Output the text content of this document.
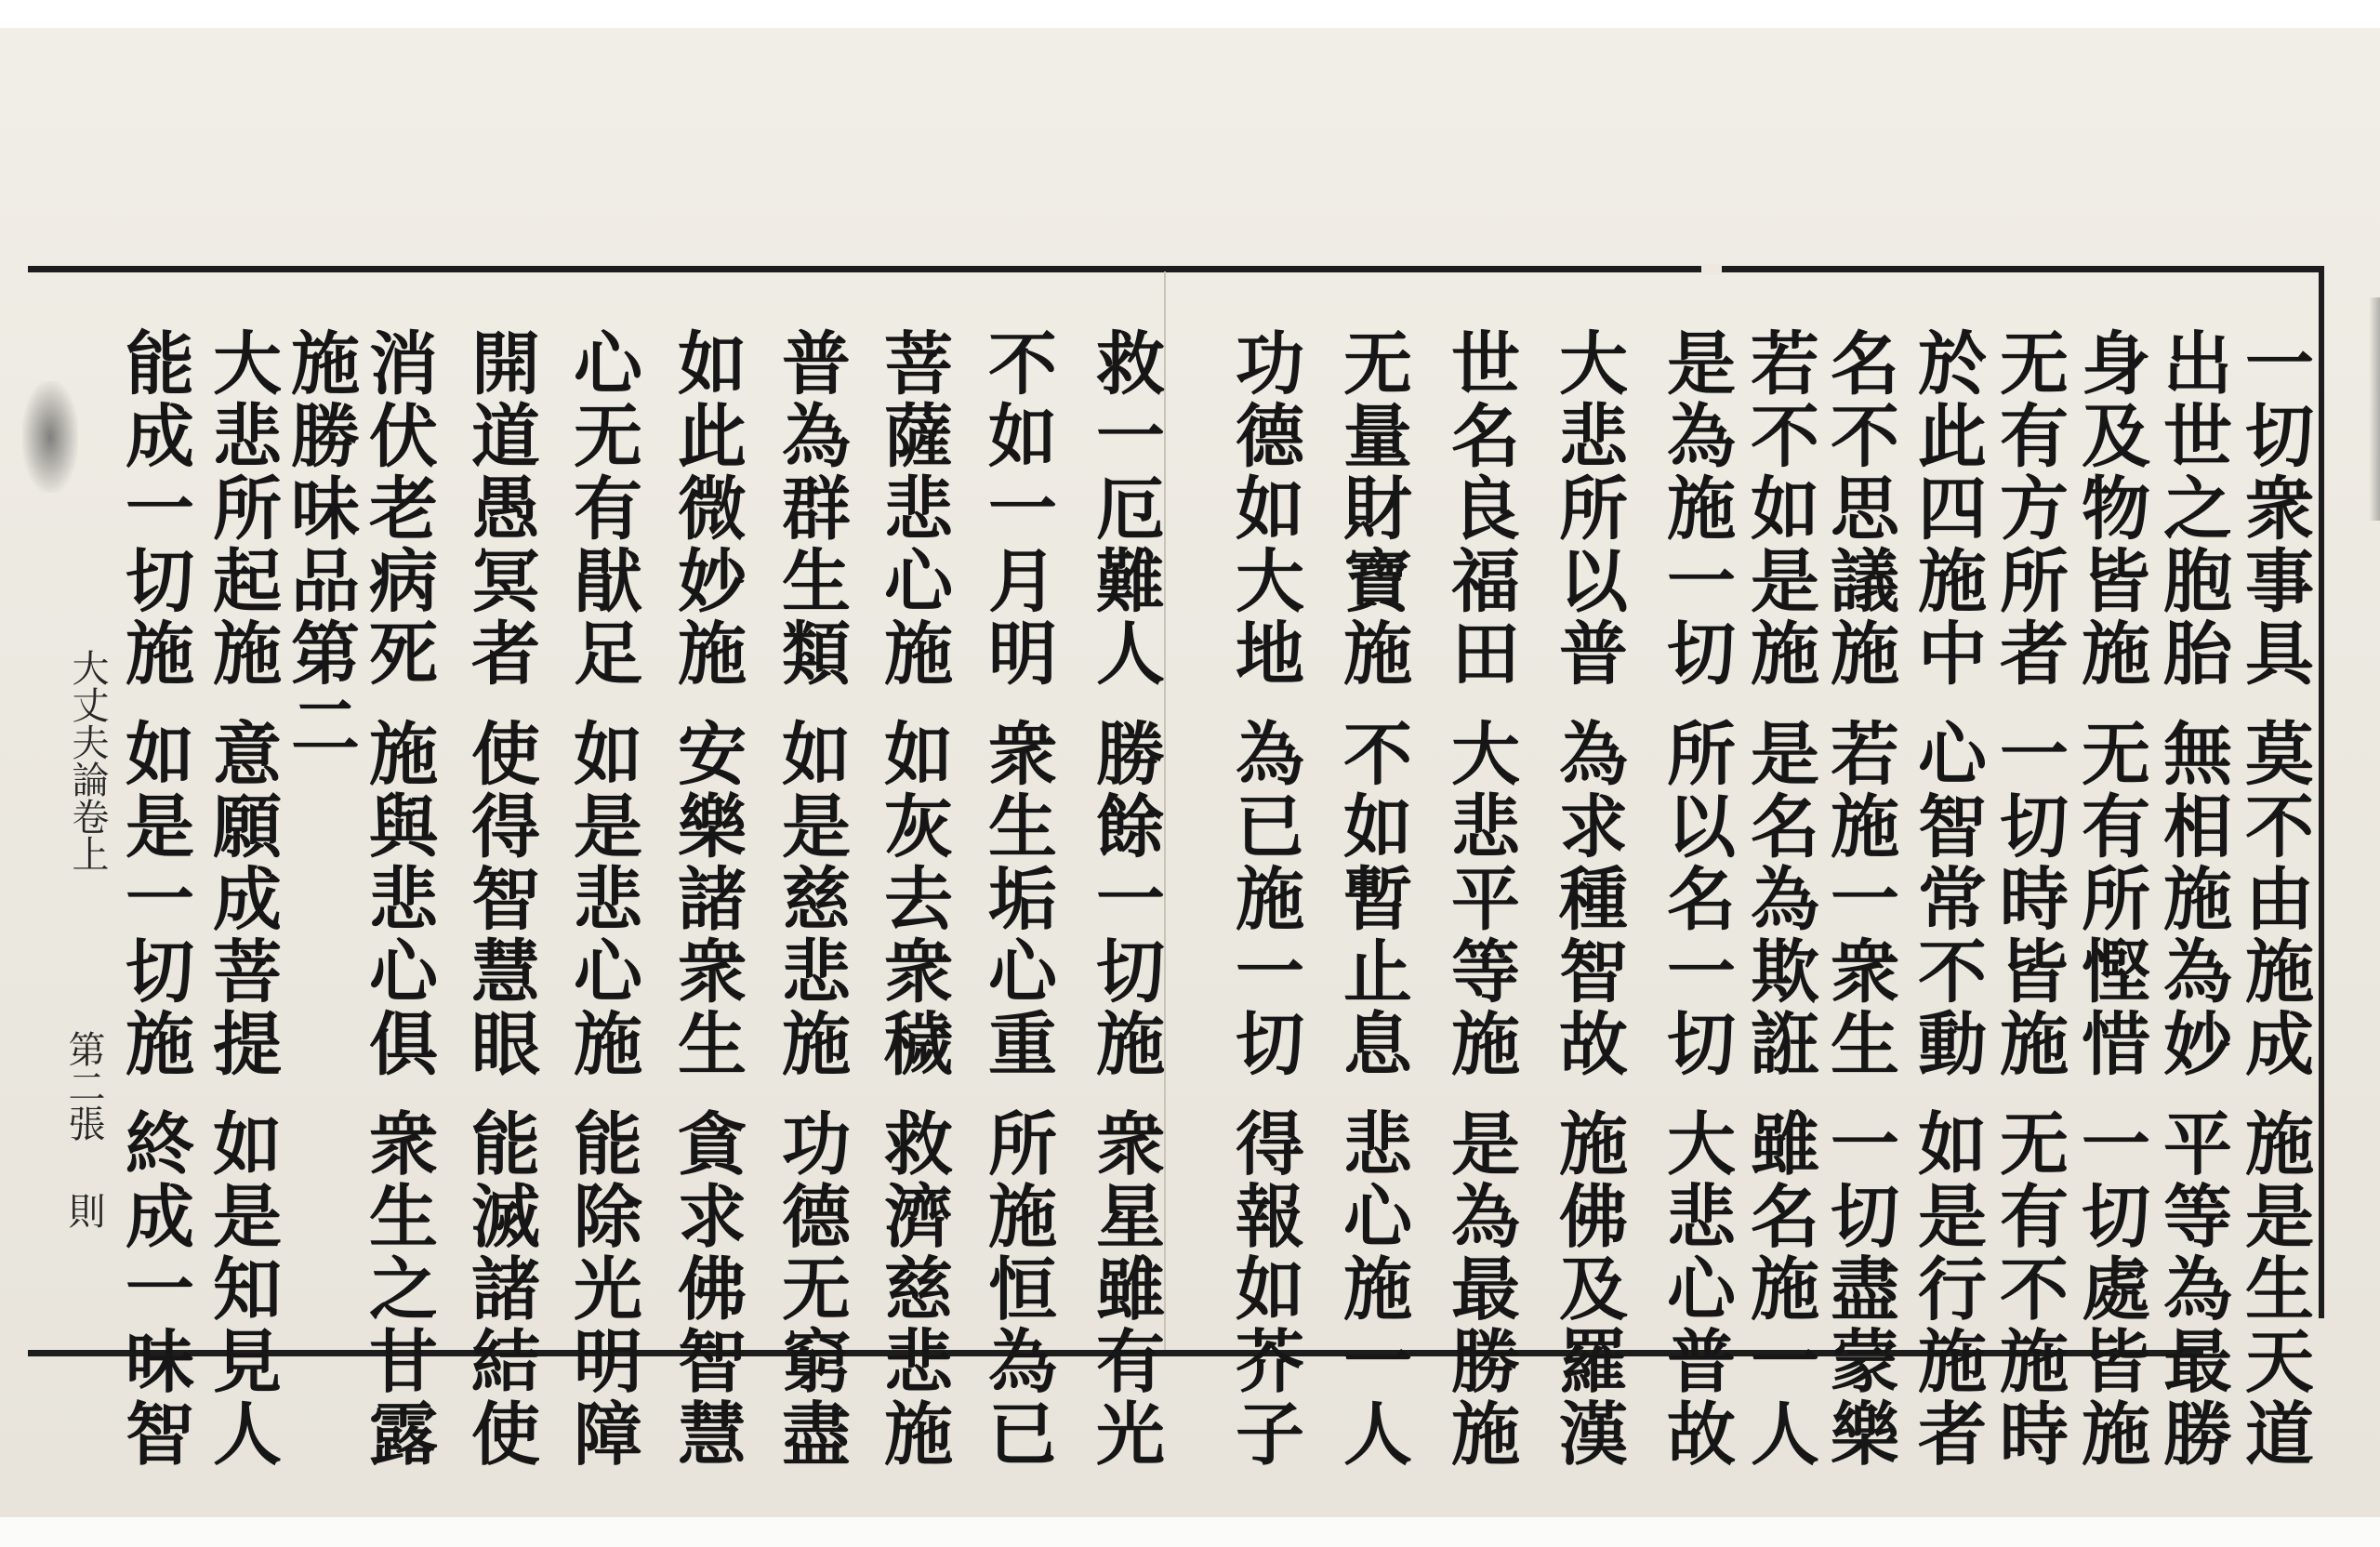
一切衆事具 莫不由施成 施是生天道
出世之胞胎 無相施為妙 平等為最勝
身及物皆施 无有所慳惜 一切處皆施
无有方所者 一切時皆施 无有不施時
於此四施中 心智常不動 如是行施者
名不思議施 若施一衆生 一切盡蒙樂
若不如是施 是名為欺誑 雖名施一人
是為施一切 所以名一切 大悲心普故
大悲所以普 為求種智故 施佛及羅漢
世名良福田 大悲平等施 是為最勝施
无量財寶施 不如暫止息 悲心施一人
功德如大地 為已施一切 得報如芥子
救一厄難人 勝餘一切施 衆星雖有光
不如一月明 衆生垢心重 所施恒為已
菩薩悲心施 如灰去衆穢 救濟慈悲施
普為群生類 如是慈悲施 功德无窮盡
如此微妙施 安樂諸衆生 貪求佛智慧
心无有猒足 如是悲心施 能除光明障
開道愚冥者 使得智慧眼 能滅諸結使
消伏老病死 施與悲心俱 衆生之甘露
施勝味品第二
大悲所起施 意願成菩提 如是知見人
能成一切施 如是一切施 終成一味智
大丈夫論卷上
第二張
則
